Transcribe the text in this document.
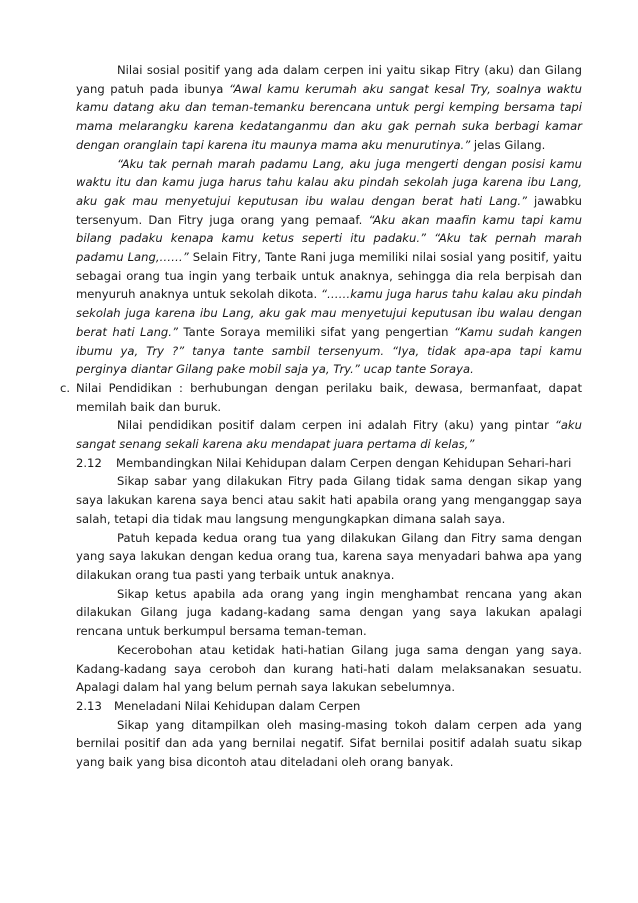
Nilai sosial positif yang ada dalam cerpen ini yaitu sikap Fitry (aku) dan Gilang yang patuh pada ibunya “Awal kamu kerumah aku sangat kesal Try, soalnya waktu kamu datang aku dan teman-temanku berencana untuk pergi kemping bersama tapi mama melarangku karena kedatanganmu dan aku gak pernah suka berbagi kamar dengan oranglain tapi karena itu maunya mama aku menurutinya.” jelas Gilang.

“Aku tak pernah marah padamu Lang, aku juga mengerti dengan posisi kamu waktu itu dan kamu juga harus tahu kalau aku pindah sekolah juga karena ibu Lang, aku gak mau menyetujui keputusan ibu walau dengan berat hati Lang.” jawabku tersenyum. Dan Fitry juga orang yang pemaaf. “Aku akan maafin kamu tapi kamu bilang padaku kenapa kamu ketus seperti itu padaku.” “Aku tak pernah marah padamu Lang,……” Selain Fitry, Tante Rani juga memiliki nilai sosial yang positif, yaitu sebagai orang tua ingin yang terbaik untuk anaknya, sehingga dia rela berpisah dan menyuruh anaknya untuk sekolah dikota. “……kamu juga harus tahu kalau aku pindah sekolah juga karena ibu Lang, aku gak mau menyetujui keputusan ibu walau dengan berat hati Lang.” Tante Soraya memiliki sifat yang pengertian “Kamu sudah kangen ibumu ya, Try ?” tanya tante sambil tersenyum. “Iya, tidak apa-apa tapi kamu perginya diantar Gilang pake mobil saja ya, Try.” ucap tante Soraya.

c. Nilai Pendidikan : berhubungan dengan perilaku baik, dewasa, bermanfaat, dapat memilah baik dan buruk.

Nilai pendidikan positif dalam cerpen ini adalah Fitry (aku) yang pintar “aku sangat senang sekali karena aku mendapat juara pertama di kelas,”

2.12	Membandingkan Nilai Kehidupan dalam Cerpen dengan Kehidupan Sehari-hari

Sikap sabar yang dilakukan Fitry pada Gilang tidak sama dengan sikap yang saya lakukan karena saya benci atau sakit hati apabila orang yang menganggap saya salah, tetapi dia tidak mau langsung mengungkapkan dimana salah saya.

Patuh kepada kedua orang tua yang dilakukan Gilang dan Fitry sama dengan yang saya lakukan dengan kedua orang tua, karena saya menyadari bahwa apa yang dilakukan orang tua pasti yang terbaik untuk anaknya.

Sikap ketus apabila ada orang yang ingin menghambat rencana yang akan dilakukan Gilang juga kadang-kadang sama dengan yang saya lakukan apalagi rencana untuk berkumpul bersama teman-teman.

Kecerobohan atau ketidak hati-hatian Gilang juga sama dengan yang saya. Kadang-kadang saya ceroboh dan kurang hati-hati dalam melaksanakan sesuatu. Apalagi dalam hal yang belum pernah saya lakukan sebelumnya.

2.13	Meneladani Nilai Kehidupan dalam Cerpen

Sikap yang ditampilkan oleh masing-masing tokoh dalam cerpen ada yang bernilai positif dan ada yang bernilai negatif. Sifat bernilai positif adalah suatu sikap yang baik yang bisa dicontoh atau diteladani oleh orang banyak.
